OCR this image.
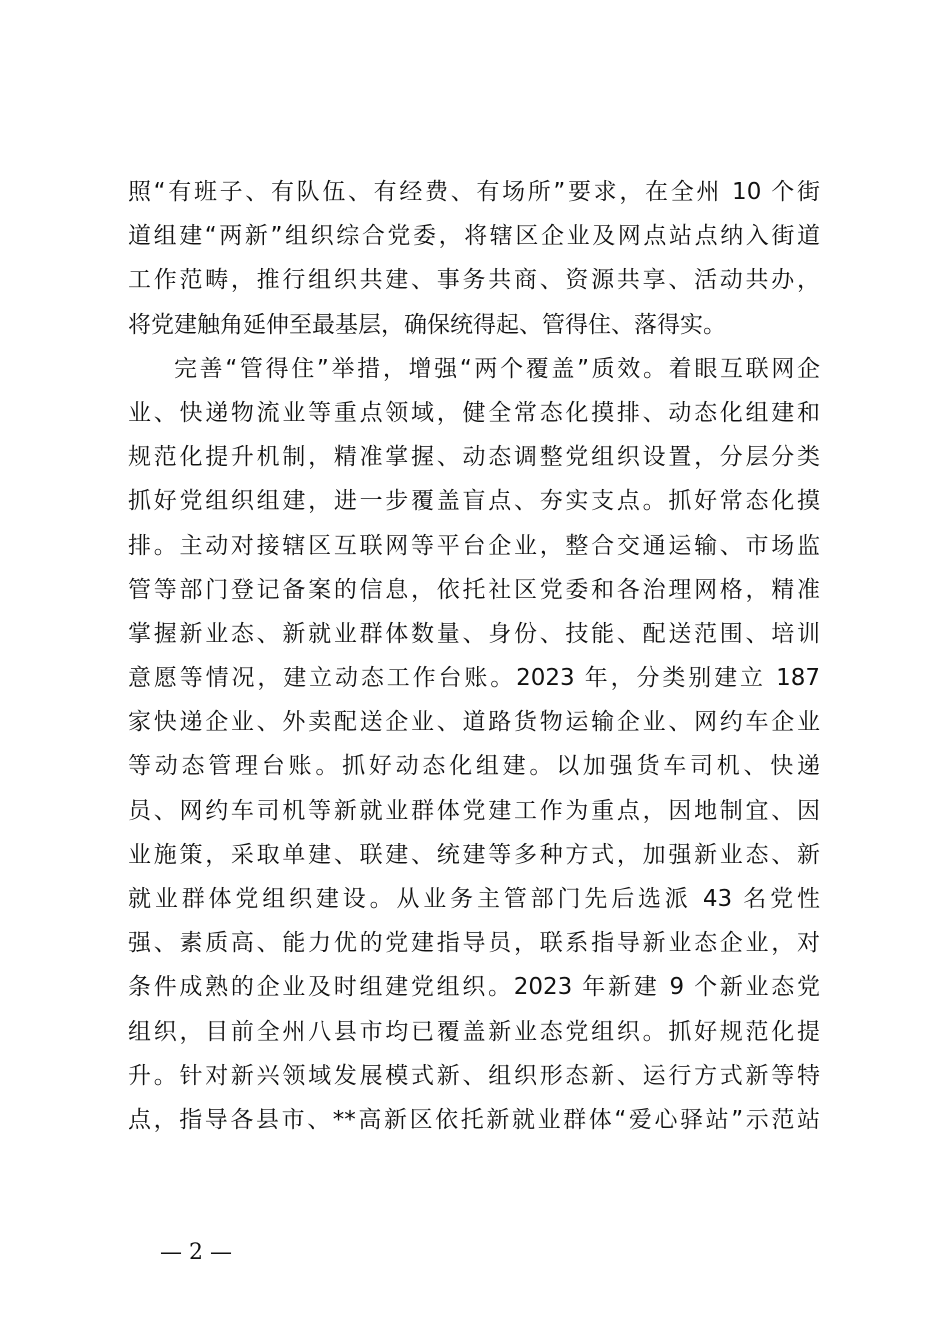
照“有班子、有队伍、有经费、有场所”要求，在全州 10 个街
道组建“两新”组织综合党委，将辖区企业及网点站点纳入街道
工作范畴，推行组织共建、事务共商、资源共享、活动共办，
将党建触角延伸至最基层，确保统得起、管得住、落得实。
完善“管得住”举措，增强“两个覆盖”质效。着眼互联网企
业、快递物流业等重点领域，健全常态化摸排、动态化组建和
规范化提升机制，精准掌握、动态调整党组织设置，分层分类
抓好党组织组建，进一步覆盖盲点、夯实支点。抓好常态化摸
排。主动对接辖区互联网等平台企业，整合交通运输、市场监
管等部门登记备案的信息，依托社区党委和各治理网格，精准
掌握新业态、新就业群体数量、身份、技能、配送范围、培训
意愿等情况，建立动态工作台账。2023 年，分类别建立 187
家快递企业、外卖配送企业、道路货物运输企业、网约车企业
等动态管理台账。抓好动态化组建。以加强货车司机、快递
员、网约车司机等新就业群体党建工作为重点，因地制宜、因
业施策，采取单建、联建、统建等多种方式，加强新业态、新
就业群体党组织建设。从业务主管部门先后选派 43 名党性
强、素质高、能力优的党建指导员，联系指导新业态企业，对
条件成熟的企业及时组建党组织。2023 年新建 9 个新业态党
组织，目前全州八县市均已覆盖新业态党组织。抓好规范化提
升。针对新兴领域发展模式新、组织形态新、运行方式新等特
点，指导各县市、**高新区依托新就业群体“爱心驿站”示范站
— 2 —
